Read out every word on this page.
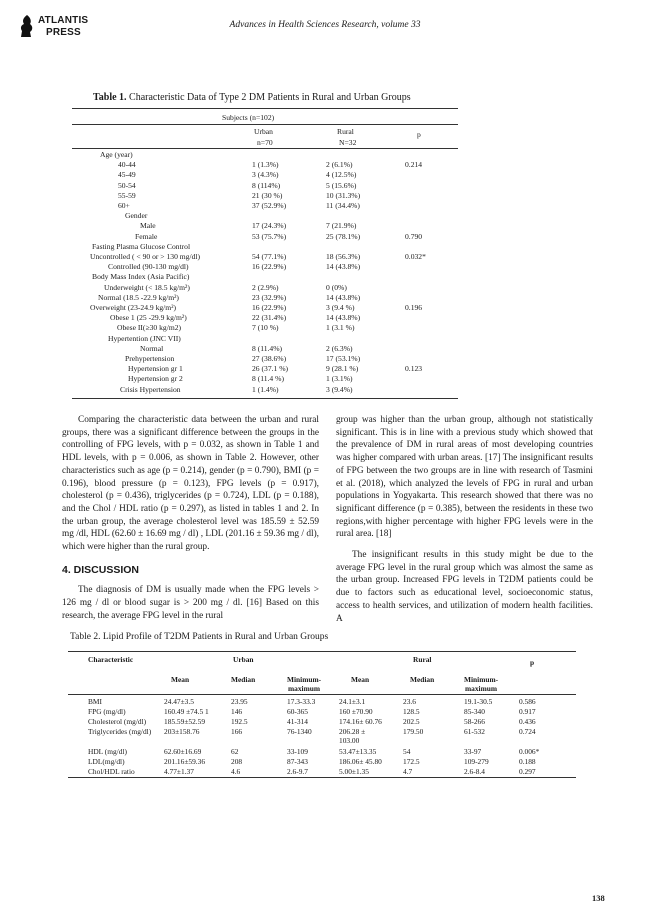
ATLANTIS
PRESS
Advances in Health Sciences Research, volume 33
Table 1. Characteristic Data of Type 2 DM Patients in Rural and Urban Groups
Subjects (n=102)
Urban	Rural	p
n=70	N=32
Age (year)
40-44	1 (1.3%)	2 (6.1%)	0.214
45-49	3 (4.3%)	4 (12.5%)
50-54	8 (114%)	5 (15.6%)
55-59	21 (30 %)	10 (31.3%)
60+	37 (52.9%)	11 (34.4%)
Gender
Male	17 (24.3%)	7 (21.9%)
Female	53 (75.7%)	25 (78.1%)	0.790
Fasting Plasma Glucose Control
Uncontrolled ( < 90 or > 130 mg/dl)	54 (77.1%)	18 (56.3%)	0.032*
Controlled (90-130 mg/dl)	16 (22.9%)	14 (43.8%)
Body Mass Index (Asia Pacific)
Underweight (< 18.5 kg/m²)	2 (2.9%)	0 (0%)
Normal (18.5 -22.9 kg/m²)	23 (32.9%)	14 (43.8%)
Overweight (23-24.9 kg/m²)	16 (22.9%)	3 (9.4 %)	0.196
Obese 1 (25 -29.9 kg/m²)	22 (31.4%)	14 (43.8%)
Obese II(≥30 kg/m2)	7 (10 %)	1 (3.1 %)
Hypertention (JNC VII)
Normal	8 (11.4%)	2 (6.3%)
Prehypertension	27 (38.6%)	17 (53.1%)
Hypertension gr 1	26 (37.1 %)	9 (28.1 %)	0.123
Hypertension gr 2	8 (11.4 %)	1 (3.1%)
Crisis Hypertension	1 (1.4%)	3 (9.4%)

Comparing the characteristic data between the urban and rural groups, there was a significant difference between the groups in the controlling of FPG levels, with p = 0.032, as shown in Table 1 and HDL levels, with p = 0.006, as shown in Table 2. However, other characteristics such as age (p = 0.214), gender (p = 0.790), BMI (p = 0.196), blood pressure (p = 0.123), FPG levels (p = 0.917), cholesterol (p = 0.436), triglycerides (p = 0.724), LDL (p = 0.188), and the Chol / HDL ratio (p = 0.297), as listed in tables 1 and 2. In the urban group, the average cholesterol level was 185.59 ± 52.59 mg /dl, HDL (62.60 ± 16.69 mg / dl) , LDL (201.16 ± 59.36 mg / dl), which were higher than the rural group.

4. DISCUSSION

The diagnosis of DM is usually made when the FPG levels > 126 mg / dl or blood sugar is > 200 mg / dl. [16] Based on this research, the average FPG level in the rural

group was higher than the urban group, although not statistically significant. This is in line with a previous study which showed that the prevalence of DM in rural areas of most developing countries was higher compared with urban areas. [17] The insignificant results of FPG between the two groups are in line with research of Tasmini et al. (2018), which analyzed the levels of FPG in rural and urban populations in Yogyakarta. This research showed that there was no significant difference (p = 0.385), between the residents in these two regions,with higher percentage with higher FPG levels were in the rural area. [18]

The insignificant results in this study might be due to the average FPG level in the rural group which was almost the same as the urban group. Increased FPG levels in T2DM patients could be due to factors such as educational level, socioeconomic status, access to health services, and utilization of modern health facilities. A

Table 2. Lipid Profile of T2DM Patients in Rural and Urban Groups
Characteristic	Urban	Rural	p
Mean	Median	Minimum-
maximum
Mean	Median	Minimum-
maximum
BMI	24.47±3.5	23.95	17.3-33.3	24.1±3.1	23.6	19.1-30.5	0.586
FPG (mg/dl)	160.49 ±74.5 1	146	60-365	160 ±70.90	128.5	85-340	0.917
Cholesterol (mg/dl) 185.59±52.59	192.5	41-314	174.16± 60.76	202.5	58-266	0.436
Triglycerides (mg/dl) 203±158.76	166	76-1340	206.28 ±	179.50	61-532	0.724
103.00
HDL (mg/dl)	62.60±16.69	62	33-109	53.47±13.35	54	33-97	0.006*
LDL(mg/dl)	201.16±59.36	208	87-343	186.06± 45.80	172.5	109-279	0.188
Chol/HDL ratio	4.77±1.37	4.6	2.6-9.7	5.00±1.35	4.7	2.6-8.4	0.297
138
